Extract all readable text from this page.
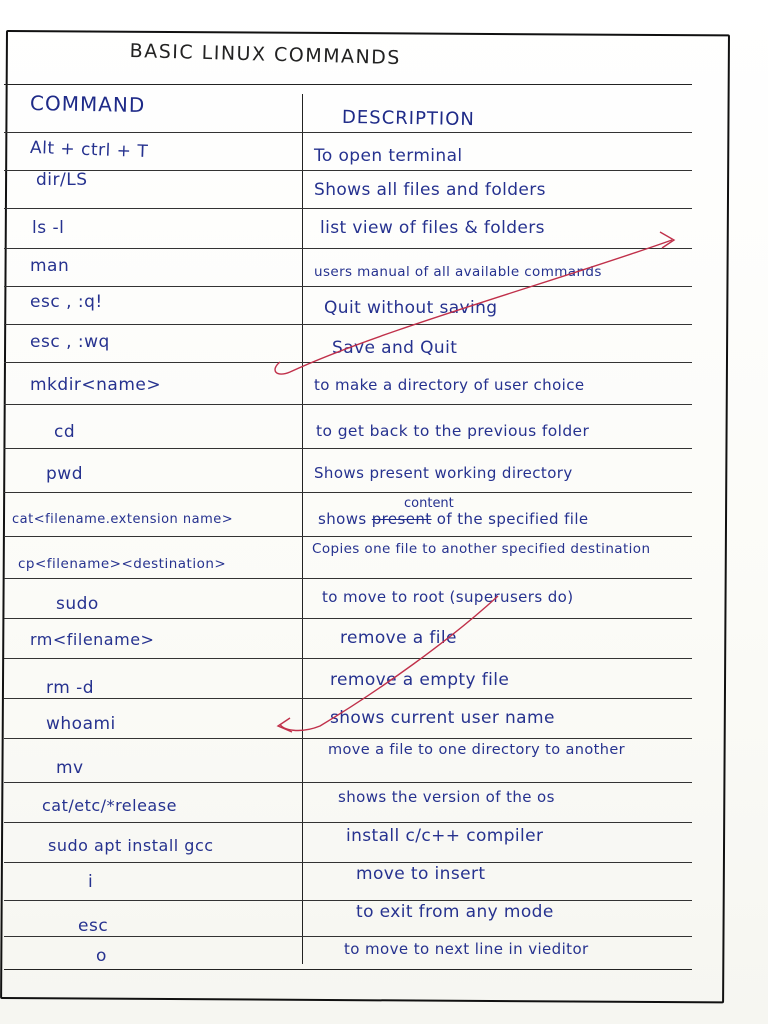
BASIC LINUX COMMANDS
COMMAND
DESCRIPTION
Alt + ctrl + T
dir/LS
ls -l
man
esc , :q!
esc , :wq
mkdir<name>
cd
pwd
cat<filename.extension name>
cp<filename><destination>
sudo
rm<filename>
rm -d
whoami
mv
cat/etc/*release
sudo apt install gcc
i
esc
o
To open terminal
Shows all files and folders
list view of files & folders
users manual of all available commands
Quit without saving
Save and Quit
to make a directory of user choice
to get back to the previous folder
Shows present working directory
shows present of the specified file
content
Copies one file to another specified destination
to move to root (superusers do)
remove a file
remove a empty file
shows current user name
move a file to one directory to another
shows the version of the os
install c/c++ compiler
move to insert
to exit from any mode
to move to next line in vieditor
